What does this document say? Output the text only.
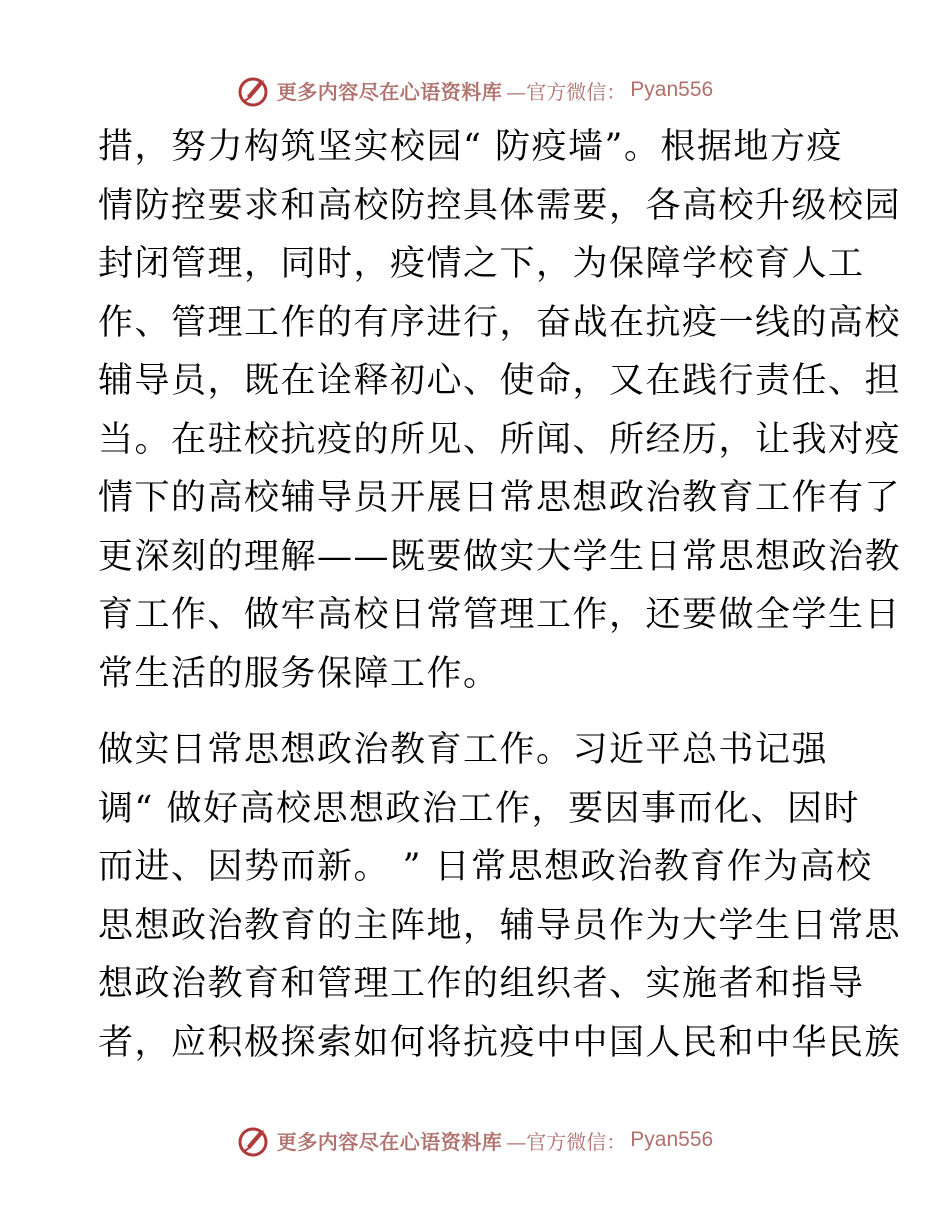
更多内容尽在心语资料库 —官方微信： Pyan556
措，努力构筑坚实校园“ 防疫墙”。根据地方疫
情防控要求和高校防控具体需要，各高校升级校园
封闭管理，同时，疫情之下，为保障学校育人工
作、管理工作的有序进行，奋战在抗疫一线的高校
辅导员，既在诠释初心、使命，又在践行责任、担
当。在驻校抗疫的所见、所闻、所经历，让我对疫
情下的高校辅导员开展日常思想政治教育工作有了
更深刻的理解——既要做实大学生日常思想政治教
育工作、做牢高校日常管理工作，还要做全学生日
常生活的服务保障工作。
做实日常思想政治教育工作。习近平总书记强
调“ 做好高校思想政治工作，要因事而化、因时
而进、因势而新。 ” 日常思想政治教育作为高校
思想政治教育的主阵地，辅导员作为大学生日常思
想政治教育和管理工作的组织者、实施者和指导
者，应积极探索如何将抗疫中中国人民和中华民族
更多内容尽在心语资料库 —官方微信： Pyan556
